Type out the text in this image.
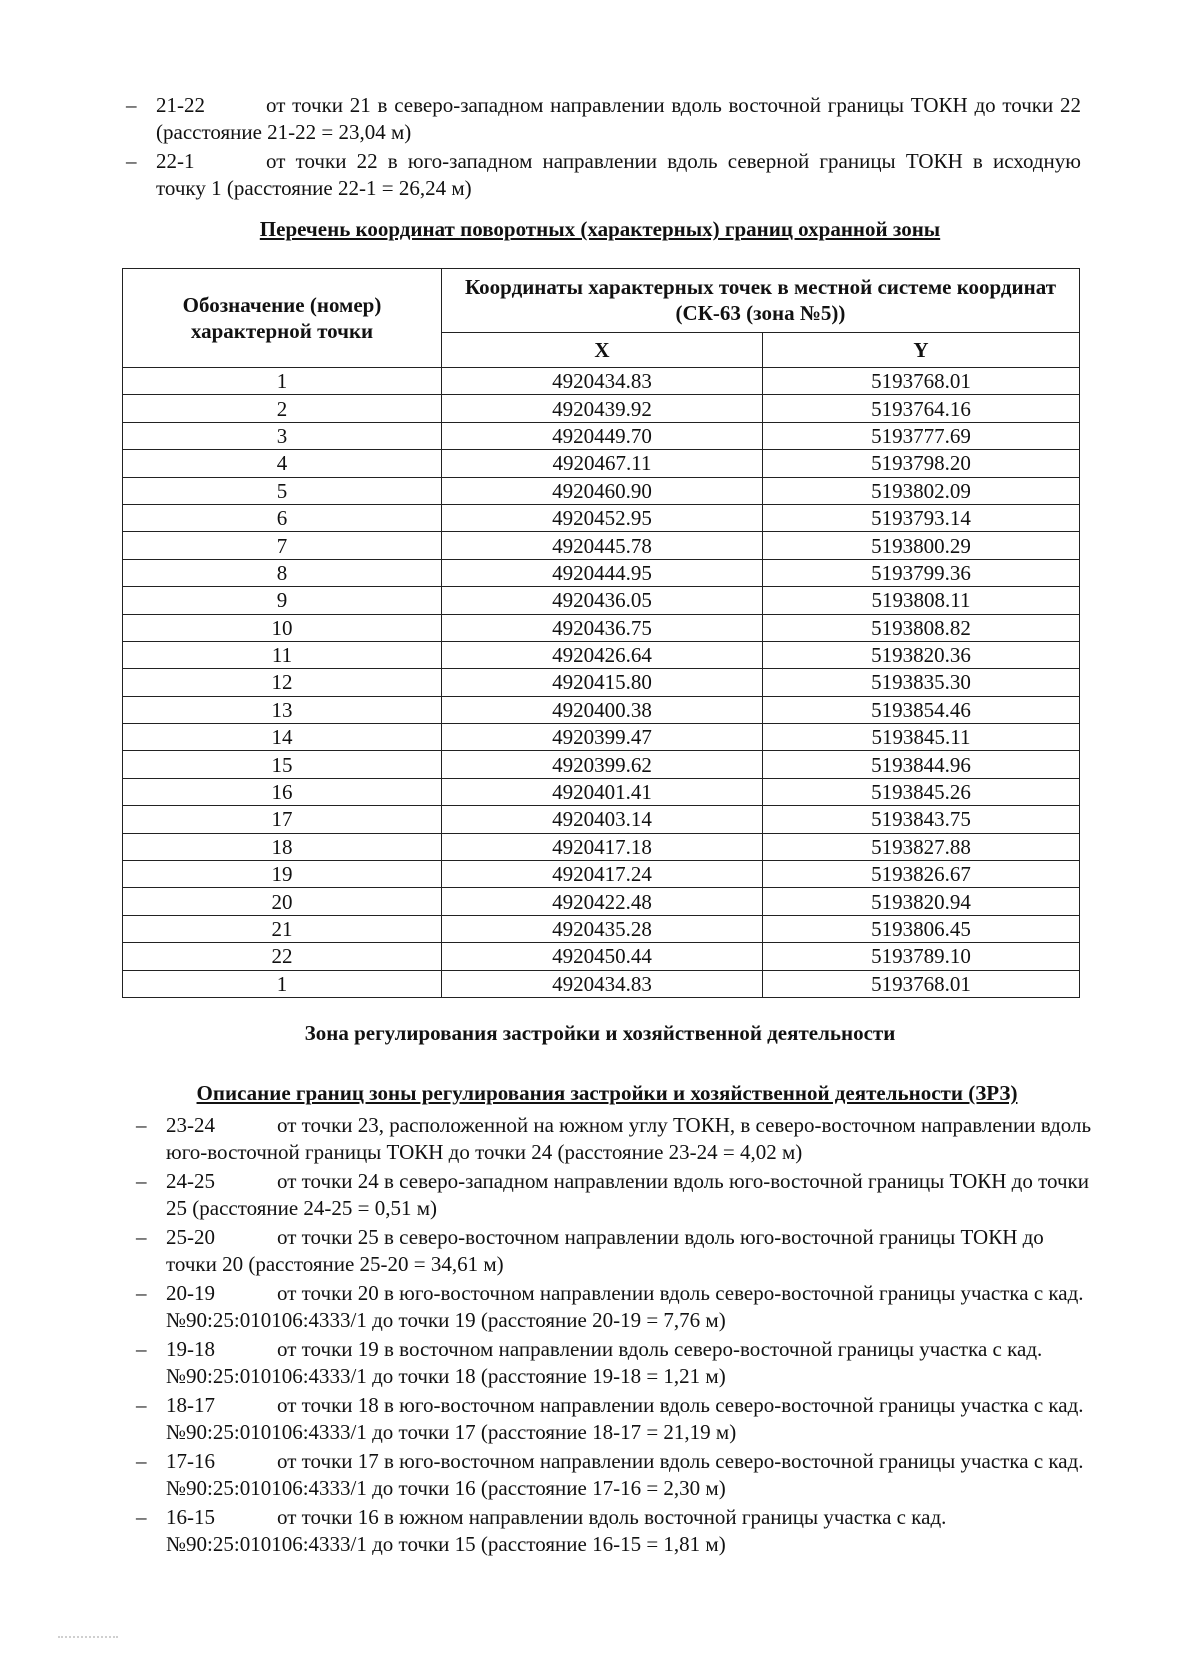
– 21-22	от точки 21 в северо-западном направлении вдоль восточной границы ТОКН до точки 22 (расстояние 21-22 = 23,04 м)
– 22-1	от точки 22 в юго-западном направлении вдоль северной границы ТОКН в исходную точку 1 (расстояние 22-1 = 26,24 м)
Перечень координат поворотных (характерных) границ охранной зоны
Обозначение (номер) характерной точки	Координаты характерных точек в местной системе координат (СК-63 (зона №5))	
	X	Y
1	4920434.83	5193768.01
2	4920439.92	5193764.16
3	4920449.70	5193777.69
4	4920467.11	5193798.20
5	4920460.90	5193802.09
6	4920452.95	5193793.14
7	4920445.78	5193800.29
8	4920444.95	5193799.36
9	4920436.05	5193808.11
10	4920436.75	5193808.82
11	4920426.64	5193820.36
12	4920415.80	5193835.30
13	4920400.38	5193854.46
14	4920399.47	5193845.11
15	4920399.62	5193844.96
16	4920401.41	5193845.26
17	4920403.14	5193843.75
18	4920417.18	5193827.88
19	4920417.24	5193826.67
20	4920422.48	5193820.94
21	4920435.28	5193806.45
22	4920450.44	5193789.10
1	4920434.83	5193768.01
Зона регулирования застройки и хозяйственной деятельности
Описание границ зоны регулирования застройки и хозяйственной деятельности (ЗРЗ)
– 23-24	от точки 23, расположенной на южном углу ТОКН, в северо-восточном направлении вдоль юго-восточной границы ТОКН до точки 24 (расстояние 23-24 = 4,02 м)
– 24-25	от точки 24 в северо-западном направлении вдоль юго-восточной границы ТОКН до точки 25 (расстояние 24-25 = 0,51 м)
– 25-20	от точки 25 в северо-восточном направлении вдоль юго-восточной границы ТОКН до точки 20 (расстояние 25-20 = 34,61 м)
– 20-19	от точки 20 в юго-восточном направлении вдоль северо-восточной границы участка с кад. №90:25:010106:4333/1 до точки 19 (расстояние 20-19 = 7,76 м)
– 19-18	от точки 19 в восточном направлении вдоль северо-восточной границы участка с кад. №90:25:010106:4333/1 до точки 18 (расстояние 19-18 = 1,21 м)
– 18-17	от точки 18 в юго-восточном направлении вдоль северо-восточной границы участка с кад. №90:25:010106:4333/1 до точки 17 (расстояние 18-17 = 21,19 м)
– 17-16	от точки 17 в юго-восточном направлении вдоль северо-восточной границы участка с кад. №90:25:010106:4333/1 до точки 16 (расстояние 17-16 = 2,30 м)
– 16-15	от точки 16 в южном направлении вдоль восточной границы участка с кад. №90:25:010106:4333/1 до точки 15 (расстояние 16-15 = 1,81 м)
